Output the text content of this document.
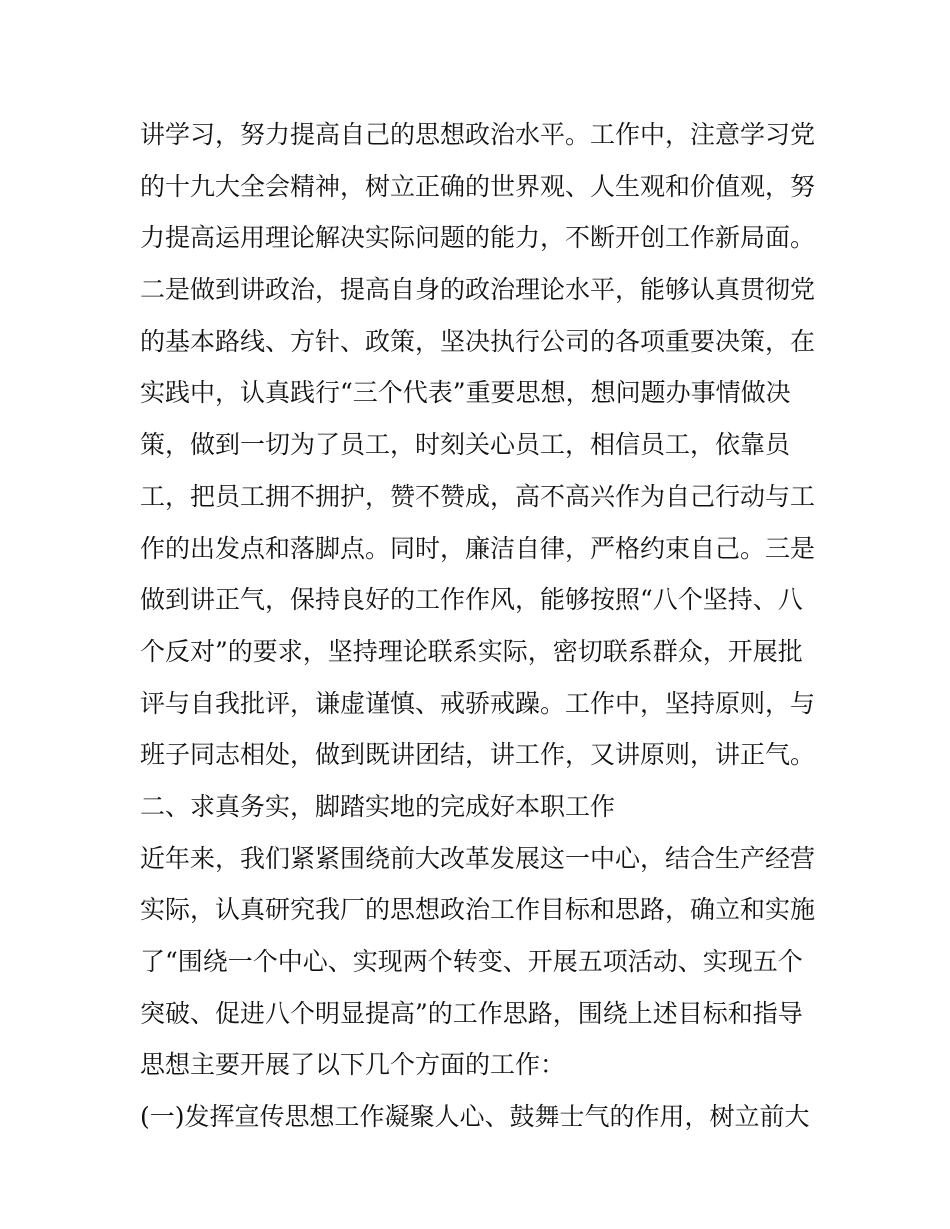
讲学习，努力提高自己的思想政治水平。工作中，注意学习党
的十九大全会精神，树立正确的世界观、人生观和价值观，努
力提高运用理论解决实际问题的能力，不断开创工作新局面。
二是做到讲政治，提高自身的政治理论水平，能够认真贯彻党
的基本路线、方针、政策，坚决执行公司的各项重要决策，在
实践中，认真践行“三个代表”重要思想，想问题办事情做决
策，做到一切为了员工，时刻关心员工，相信员工，依靠员
工，把员工拥不拥护，赞不赞成，高不高兴作为自己行动与工
作的出发点和落脚点。同时，廉洁自律，严格约束自己。三是
做到讲正气，保持良好的工作作风，能够按照“八个坚持、八
个反对”的要求，坚持理论联系实际，密切联系群众，开展批
评与自我批评，谦虚谨慎、戒骄戒躁。工作中，坚持原则，与
班子同志相处，做到既讲团结，讲工作，又讲原则，讲正气。
二、求真务实，脚踏实地的完成好本职工作
近年来，我们紧紧围绕前大改革发展这一中心，结合生产经营
实际，认真研究我厂的思想政治工作目标和思路，确立和实施
了“围绕一个中心、实现两个转变、开展五项活动、实现五个
突破、促进八个明显提高”的工作思路，围绕上述目标和指导
思想主要开展了以下几个方面的工作：
(一)发挥宣传思想工作凝聚人心、鼓舞士气的作用，树立前大
